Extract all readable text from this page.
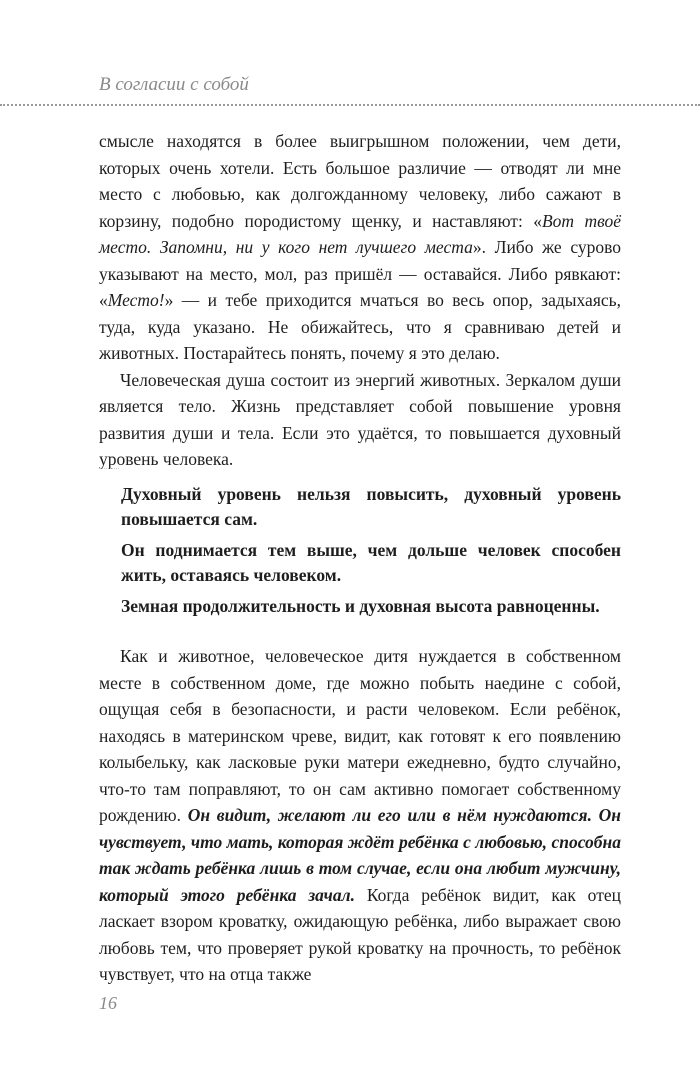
В согласии с собой

смысле находятся в более выигрышном положении, чем дети, которых очень хотели. Есть большое различие — отводят ли мне место с любовью, как долгожданному человеку, либо сажают в корзину, подобно породистому щенку, и наставляют: «Вот твоё место. Запомни, ни у кого нет лучшего места». Либо же сурово указывают на место, мол, раз пришёл — оставайся. Либо рявкают: «Место!» — и тебе приходится мчаться во весь опор, задыхаясь, туда, куда указано. Не обижайтесь, что я сравниваю детей и животных. Постарайтесь понять, почему я это делаю.

Человеческая душа состоит из энергий животных. Зеркалом души является тело. Жизнь представляет собой повышение уровня развития души и тела. Если это удаётся, то повышается духовный уровень человека.

Духовный уровень нельзя повысить, духовный уровень повышается сам.

Он поднимается тем выше, чем дольше человек способен жить, оставаясь человеком.

Земная продолжительность и духовная высота равноценны.

Как и животное, человеческое дитя нуждается в собственном месте в собственном доме, где можно побыть наедине с собой, ощущая себя в безопасности, и расти человеком. Если ребёнок, находясь в материнском чреве, видит, как готовят к его появлению колыбельку, как ласковые руки матери ежедневно, будто случайно, что-то там поправляют, то он сам активно помогает собственному рождению. Он видит, желают ли его или в нём нуждаются. Он чувствует, что мать, которая ждёт ребёнка с любовью, способна так ждать ребёнка лишь в том случае, если она любит мужчину, который этого ребёнка зачал. Когда ребёнок видит, как отец ласкает взором кроватку, ожидающую ребёнка, либо выражает свою любовь тем, что проверяет рукой кроватку на прочность, то ребёнок чувствует, что на отца также

16
